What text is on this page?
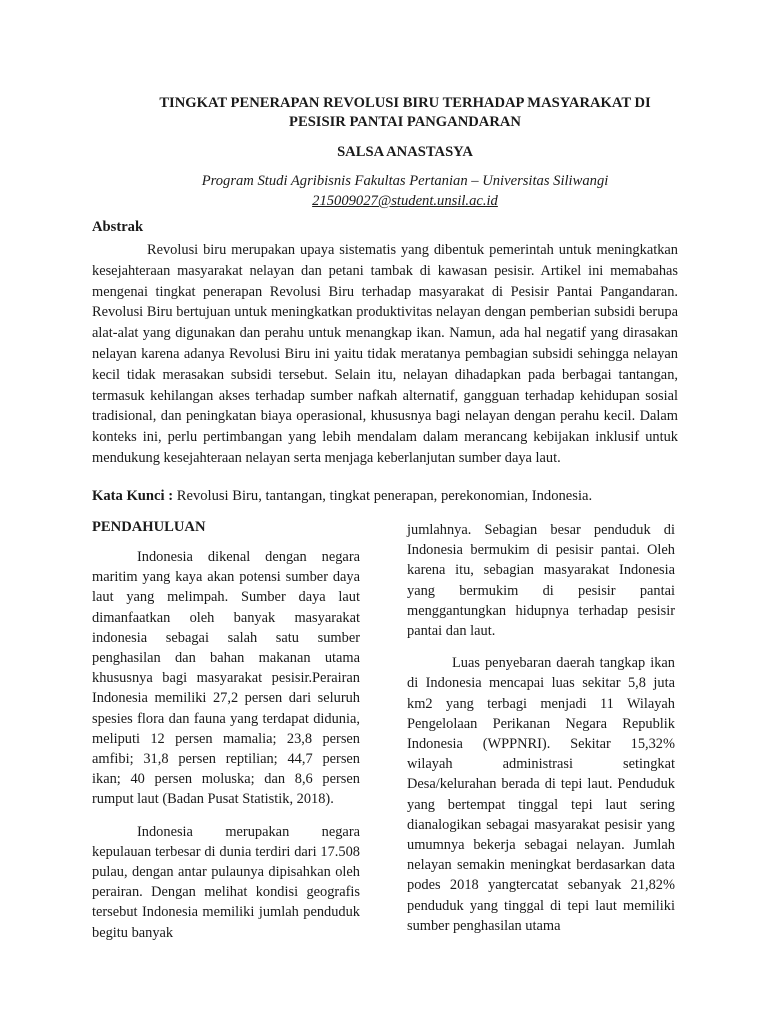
TINGKAT PENERAPAN REVOLUSI BIRU TERHADAP MASYARAKAT DI
PESISIR PANTAI PANGANDARAN

SALSA ANASTASYA

Program Studi Agribisnis Fakultas Pertanian – Universitas Siliwangi
215009027@student.unsil.ac.id

Abstrak

Revolusi biru merupakan upaya sistematis yang dibentuk pemerintah untuk meningkatkan kesejahteraan masyarakat nelayan dan petani tambak di kawasan pesisir. Artikel ini memabahas mengenai tingkat penerapan Revolusi Biru terhadap masyarakat di Pesisir Pantai Pangandaran. Revolusi Biru bertujuan untuk meningkatkan produktivitas nelayan dengan pemberian subsidi berupa alat-alat yang digunakan dan perahu untuk menangkap ikan. Namun, ada hal negatif yang dirasakan nelayan karena adanya Revolusi Biru ini yaitu tidak meratanya pembagian subsidi sehingga nelayan kecil tidak merasakan subsidi tersebut. Selain itu, nelayan dihadapkan pada berbagai tantangan, termasuk kehilangan akses terhadap sumber nafkah alternatif, gangguan terhadap kehidupan sosial tradisional, dan peningkatan biaya operasional, khususnya bagi nelayan dengan perahu kecil. Dalam konteks ini, perlu pertimbangan yang lebih mendalam dalam merancang kebijakan inklusif untuk mendukung kesejahteraan nelayan serta menjaga keberlanjutan sumber daya laut.

Kata Kunci : Revolusi Biru, tantangan, tingkat penerapan, perekonomian, Indonesia.

PENDAHULUAN

Indonesia dikenal dengan negara maritim yang kaya akan potensi sumber daya laut yang melimpah. Sumber daya laut dimanfaatkan oleh banyak masyarakat indonesia sebagai salah satu sumber penghasilan dan bahan makanan utama khususnya bagi masyarakat pesisir.Perairan Indonesia memiliki 27,2 persen dari seluruh spesies flora dan fauna yang terdapat didunia, meliputi 12 persen mamalia; 23,8 persen amfibi; 31,8 persen reptilian; 44,7 persen ikan; 40 persen moluska; dan 8,6 persen rumput laut (Badan Pusat Statistik, 2018).

Indonesia merupakan negara kepulauan terbesar di dunia terdiri dari 17.508 pulau, dengan antar pulaunya dipisahkan oleh perairan. Dengan melihat kondisi geografis tersebut Indonesia memiliki jumlah penduduk begitu banyak

jumlahnya. Sebagian besar penduduk di Indonesia bermukim di pesisir pantai. Oleh karena itu, sebagian masyarakat Indonesia yang bermukim di pesisir pantai menggantungkan hidupnya terhadap pesisir pantai dan laut.

Luas penyebaran daerah tangkap ikan di Indonesia mencapai luas sekitar 5,8 juta km2 yang terbagi menjadi 11 Wilayah Pengelolaan Perikanan Negara Republik Indonesia (WPPNRI). Sekitar 15,32% wilayah administrasi setingkat Desa/kelurahan berada di tepi laut. Penduduk yang bertempat tinggal tepi laut sering dianalogikan sebagai masyarakat pesisir yang umumnya bekerja sebagai nelayan. Jumlah nelayan semakin meningkat berdasarkan data podes 2018 yangtercatat sebanyak 21,82% penduduk yang tinggal di tepi laut memiliki sumber penghasilan utama
